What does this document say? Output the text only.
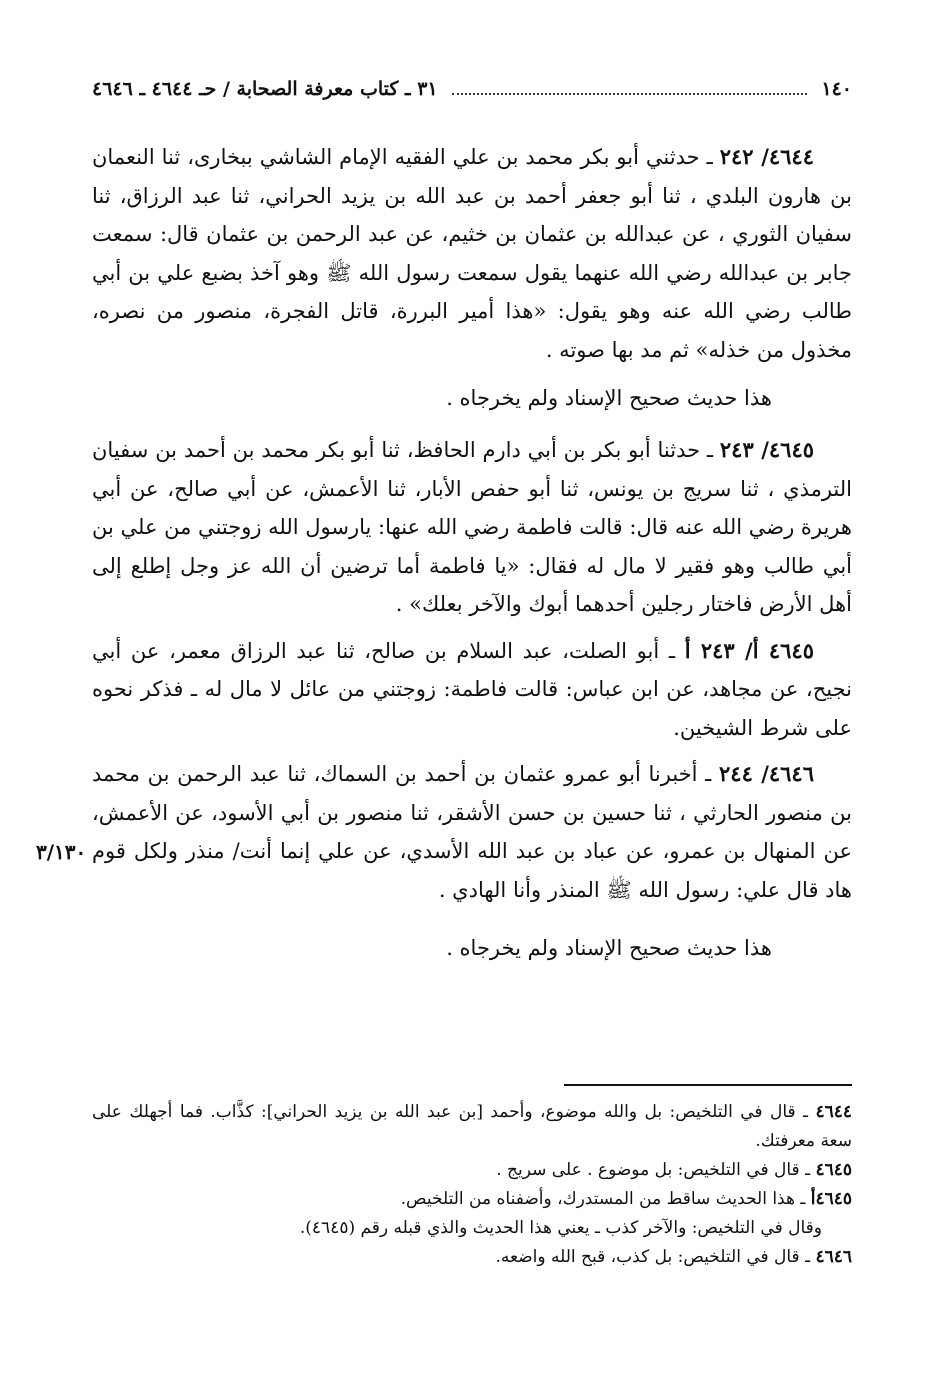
١٤٠
٣١ ـ كتاب معرفة الصحابة / حـ ٤٦٤٤ ـ ٤٦٤٦

٤٦٤٤/ ٢٤٢ ـ حدثني أبو بكر محمد بن علي الفقيه الإمام الشاشي ببخارى، ثنا النعمان بن هارون البلدي ، ثنا أبو جعفر أحمد بن عبد الله بن يزيد الحراني، ثنا عبد الرزاق، ثنا سفيان الثوري ، عن عبدالله بن عثمان بن خثيم، عن عبد الرحمن بن عثمان قال: سمعت جابر بن عبدالله رضي الله عنهما يقول سمعت رسول الله ﷺ وهو آخذ بضبع علي بن أبي طالب رضي الله عنه وهو يقول: «هذا أمير البررة، قاتل الفجرة، منصور من نصره، مخذول من خذله» ثم مد بها صوته .

هذا حديث صحيح الإسناد ولم يخرجاه .

٤٦٤٥/ ٢٤٣ ـ حدثنا أبو بكر بن أبي دارم الحافظ، ثنا أبو بكر محمد بن أحمد بن سفيان الترمذي ، ثنا سريج بن يونس، ثنا أبو حفص الأبار، ثنا الأعمش، عن أبي صالح، عن أبي هريرة رضي الله عنه قال: قالت فاطمة رضي الله عنها: يارسول الله زوجتني من علي بن أبي طالب وهو فقير لا مال له فقال: «يا فاطمة أما ترضين أن الله عز وجل إطلع إلى أهل الأرض فاختار رجلين أحدهما أبوك والآخر بعلك» .

٤٦٤٥ أ/ ٢٤٣ أ ـ أبو الصلت، عبد السلام بن صالح، ثنا عبد الرزاق معمر، عن أبي نجيح، عن مجاهد، عن ابن عباس: قالت فاطمة: زوجتني من عائل لا مال له ـ فذكر نحوه على شرط الشيخين.

٤٦٤٦/ ٢٤٤ ـ أخبرنا أبو عمرو عثمان بن أحمد بن السماك، ثنا عبد الرحمن بن محمد بن منصور الحارثي ، ثنا حسين بن حسن الأشقر، ثنا منصور بن أبي الأسود، عن الأعمش، عن المنهال بن عمرو، عن عباد بن عبد الله الأسدي، عن علي إنما أنت/ منذر ولكل قوم هاد قال علي: رسول الله ﷺ المنذر وأنا الهادي .
٣/١٣٠

هذا حديث صحيح الإسناد ولم يخرجاه .

٤٦٤٤ ـ قال في التلخيص: بل والله موضوع، وأحمد [بن عبد الله بن يزيد الحراني]: كذَّاب. فما أجهلك على سعة معرفتك.

٤٦٤٥ ـ قال في التلخيص: بل موضوع . على سريج .

٤٦٤٥أ ـ هذا الحديث ساقط من المستدرك، وأضفناه من التلخيص.

وقال في التلخيص: والآخر كذب ـ يعني هذا الحديث والذي قبله رقم (٤٦٤٥).

٤٦٤٦ ـ قال في التلخيص: بل كذب، قبح الله واضعه.
